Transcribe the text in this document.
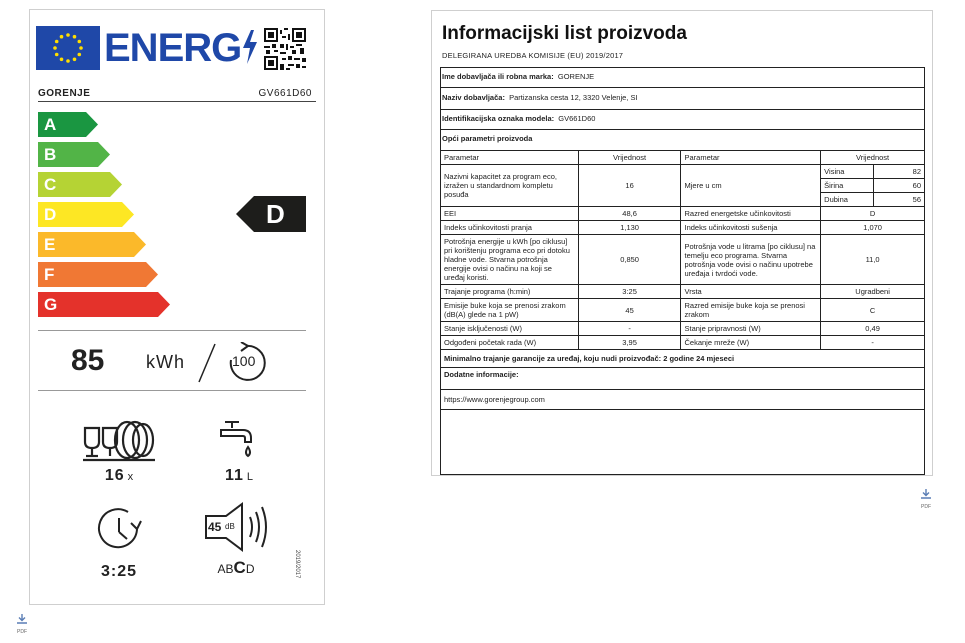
ENERG
GORENJE	GV661D60
A
B
C
D
E
F
G
D
85 kWh	100
16 x	11 L
3:25
45 dB
ABCD	2019/2017
PDF
Informacijski list proizvoda
DELEGIRANA UREDBA KOMISIJE (EU) 2019/2017
Ime dobavljača ili robna marka: GORENJE
Naziv dobavljača: Partizanska cesta 12, 3320 Velenje, SI
Identifikacijska oznaka modela: GV661D60
Opći parametri proizvoda
Parametar	Vrijednost	Parametar	Vrijednost
Nazivni kapacitet za program eco, izražen u standardnom kompletu posuđa	16	Mjere u cm	
Visina	82
Širina	60
Dubina	56

EEI	48,6	Razred energetske učinkovitosti	D
Indeks učinkovitosti pranja	1,130	Indeks učinkovitosti sušenja	1,070
Potrošnja energije u kWh [po ciklusu] pri korištenju programa eco pri dotoku hladne vode. Stvarna potrošnja energije ovisi o načinu na koji se uređaj koristi.	0,850	Potrošnja vode u litrama [po ciklusu] na temelju eco programa. Stvarna potrošnja vode ovisi o načinu upotrebe uređaja i tvrdoći vode.	11,0
Trajanje programa (h:min)	3:25	Vrsta	Ugradbeni
Emisije buke koja se prenosi zrakom (dB(A) glede na 1 pW)	45	Razred emisije buke koja se prenosi zrakom	C
Stanje isključenosti (W)	-	Stanje pripravnosti (W)	0,49
Odgođeni početak rada (W)	3,95	Čekanje mreže (W)	-
Minimalno trajanje garancije za uređaj, koju nudi proizvođač: 2 godine 24 mjeseci
Dodatne informacije:
https://www.gorenjegroup.com
PDF
